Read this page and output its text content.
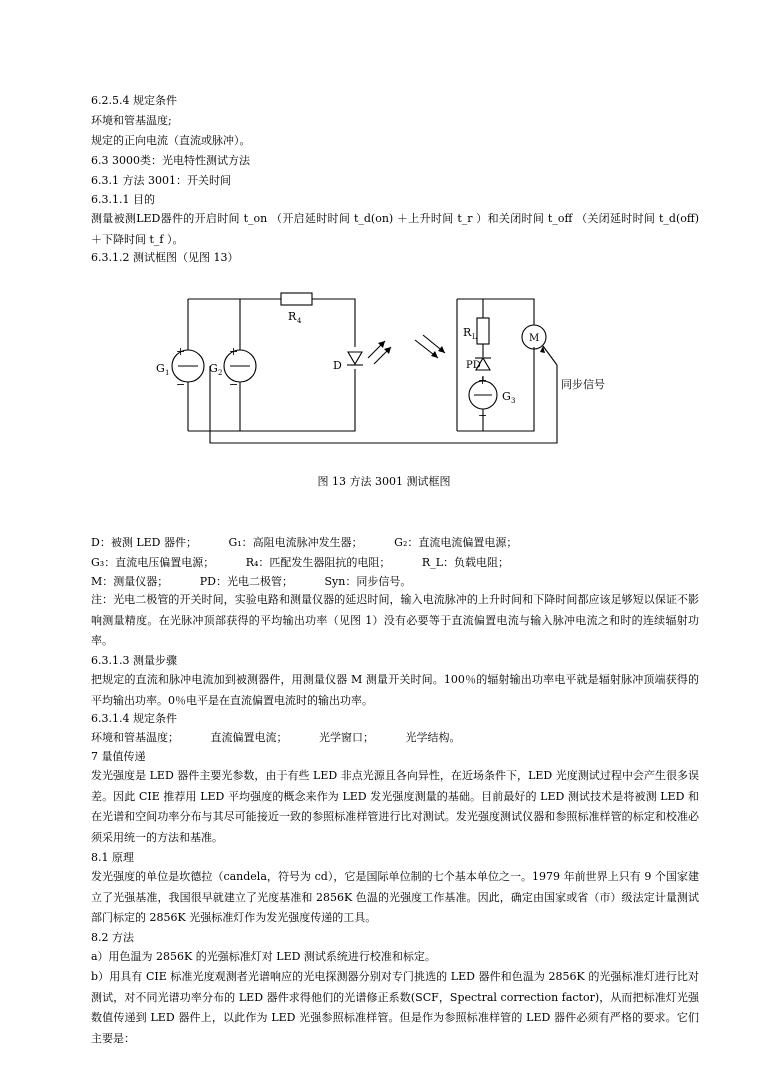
6.2.5.4 规定条件
环境和管基温度;
规定的正向电流（直流或脉冲）。
6.3 3000类：光电特性测试方法
6.3.1 方法 3001：开关时间
6.3.1.1 目的
测量被测LED器件的开启时间 t_on （开启延时时间 t_d(on) ＋上升时间 t_r ）和关闭时间 t_off （关闭延时时间 t_d(off) ＋下降时间 t_f ）。
6.3.1.2 测试框图（见图 13）
R 4
G 1	G 2
+	+
−	−
D
R L
PD
M
+
−
G 3
同步信号
图 13 方法 3001 测试框图
D：被测 LED 器件；	G₁：高阻电流脉冲发生器；	G₂：直流电流偏置电源；
G₃：直流电压偏置电源；	R₄：匹配发生器阻抗的电阻；	R_L：负载电阻；
M：测量仪器；	PD：光电二极管；	Syn：同步信号。
注：光电二极管的开关时间，实验电路和测量仪器的延迟时间，输入电流脉冲的上升时间和下降时间都应该足够短以保证不影响测量精度。在光脉冲顶部获得的平均输出功率（见图 1）没有必要等于直流偏置电流与输入脉冲电流之和时的连续辐射功率。
6.3.1.3 测量步骤
把规定的直流和脉冲电流加到被测器件，用测量仪器 M 测量开关时间。100％的辐射输出功率电平就是辐射脉冲顶端获得的平均输出功率。0％电平是在直流偏置电流时的输出功率。
6.3.1.4 规定条件
环境和管基温度；	直流偏置电流；	光学窗口；	光学结构。
7 量值传递
发光强度是 LED 器件主要光参数，由于有些 LED 非点光源且各向异性，在近场条件下，LED 光度测试过程中会产生很多误差。因此 CIE 推荐用 LED 平均强度的概念来作为 LED 发光强度测量的基础。目前最好的 LED 测试技术是将被测 LED 和在光谱和空间功率分布与其尽可能接近一致的参照标准样管进行比对测试。发光强度测试仪器和参照标准样管的标定和校准必须采用统一的方法和基准。
8.1 原理
发光强度的单位是坎德拉（candela，符号为 cd），它是国际单位制的七个基本单位之一。1979 年前世界上只有 9 个国家建立了光强基准，我国很早就建立了光度基准和 2856K 色温的光强度工作基准。因此，确定由国家或省（市）级法定计量测试部门标定的 2856K 光强标准灯作为发光强度传递的工具。
8.2 方法
a）用色温为 2856K 的光强标准灯对 LED 测试系统进行校准和标定。
b）用具有 CIE 标准光度观测者光谱响应的光电探测器分别对专门挑选的 LED 器件和色温为 2856K 的光强标准灯进行比对测试，对不同光谱功率分布的 LED 器件求得他们的光谱修正系数(SCF，Spectral correction factor)，从而把标准灯光强数值传递到 LED 器件上，以此作为 LED 光强参照标准样管。但是作为参照标准样管的 LED 器件必须有严格的要求。它们主要是：
